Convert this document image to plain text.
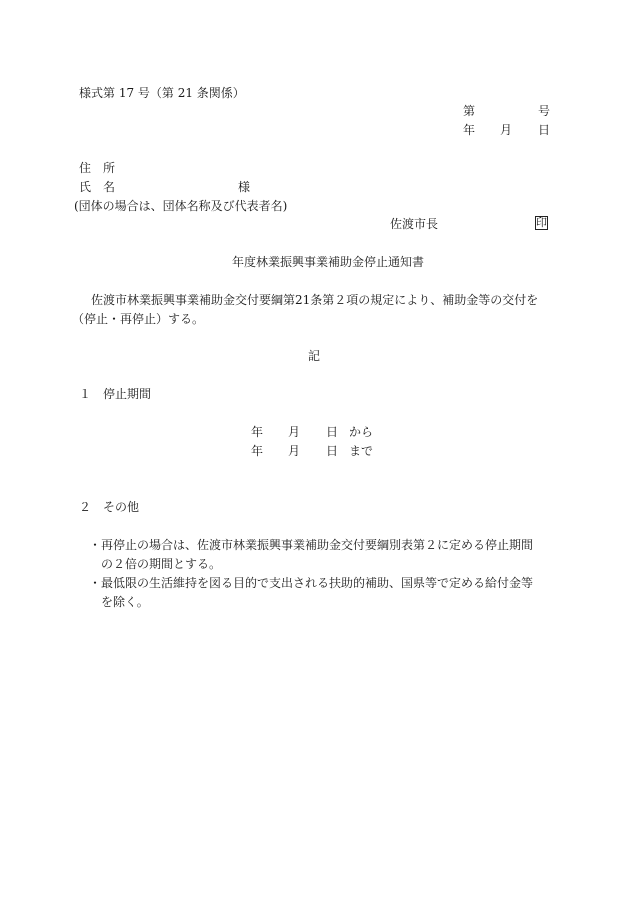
様式第 17 号（第 21 条関係）
第	号
年 月 日
住　所
氏　名	様
(団体の場合は、団体名称及び代表者名)
佐渡市長	印
年度林業振興事業補助金停止通知書
佐渡市林業振興事業補助金交付要綱第21条第２項の規定により、補助金等の交付を
（停止・再停止）する。
記
１　停止期間
年 月 日 から
年 月 日 まで
２　その他
・再停止の場合は、佐渡市林業振興事業補助金交付要綱別表第２に定める停止期間
の２倍の期間とする。
・最低限の生活維持を図る目的で支出される扶助的補助、国県等で定める給付金等
を除く。
